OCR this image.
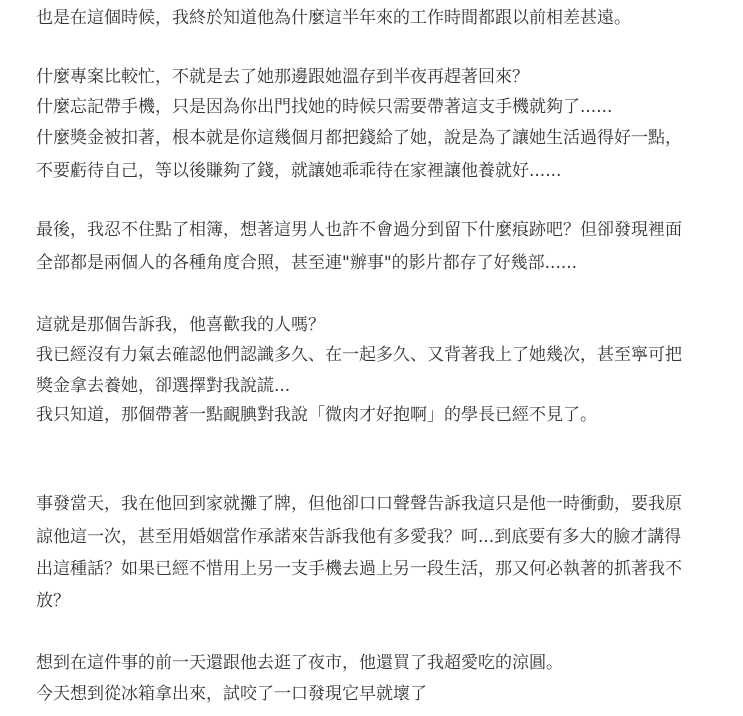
也是在這個時候，我終於知道他為什麼這半年來的工作時間都跟以前相差甚遠。
什麼專案比較忙，不就是去了她那邊跟她溫存到半夜再趕著回來？
什麼忘記帶手機，只是因為你出門找她的時候只需要帶著這支手機就夠了......
什麼獎金被扣著，根本就是你這幾個月都把錢給了她，說是為了讓她生活過得好一點，
不要虧待自己，等以後賺夠了錢，就讓她乖乖待在家裡讓他養就好......
最後，我忍不住點了相簿，想著這男人也許不會過分到留下什麼痕跡吧？但卻發現裡面
全部都是兩個人的各種角度合照，甚至連"辦事"的影片都存了好幾部......
這就是那個告訴我，他喜歡我的人嗎？
我已經沒有力氣去確認他們認識多久、在一起多久、又背著我上了她幾次，甚至寧可把
獎金拿去養她，卻選擇對我說謊...
我只知道，那個帶著一點靦腆對我說「微肉才好抱啊」的學長已經不見了。
事發當天，我在他回到家就攤了牌，但他卻口口聲聲告訴我這只是他一時衝動，要我原
諒他這一次，甚至用婚姻當作承諾來告訴我他有多愛我？呵...到底要有多大的臉才講得
出這種話？如果已經不惜用上另一支手機去過上另一段生活，那又何必執著的抓著我不
放？
想到在這件事的前一天還跟他去逛了夜市，他還買了我超愛吃的涼圓。
今天想到從冰箱拿出來，試咬了一口發現它早就壞了
